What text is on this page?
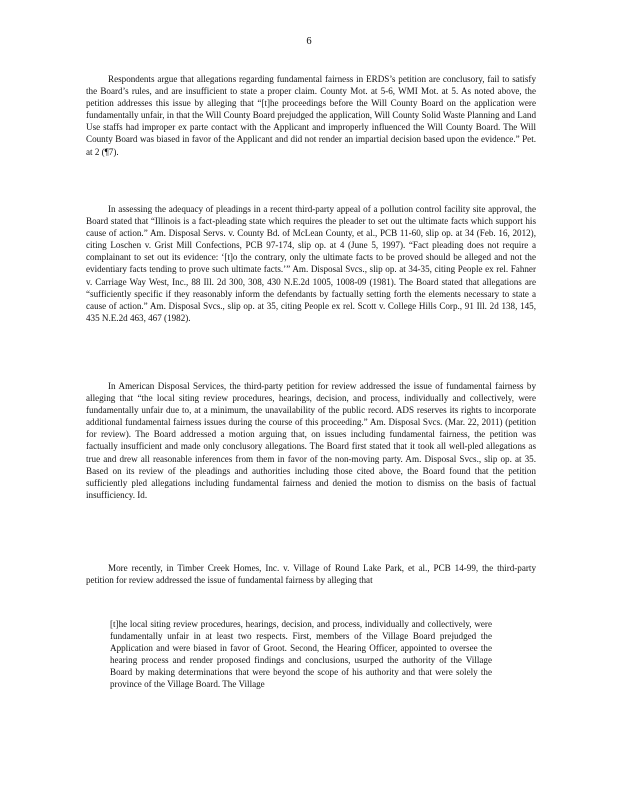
6

Respondents argue that allegations regarding fundamental fairness in ERDS’s petition are conclusory, fail to satisfy the Board’s rules, and are insufficient to state a proper claim. County Mot. at 5-6, WMI Mot. at 5. As noted above, the petition addresses this issue by alleging that “[t]he proceedings before the Will County Board on the application were fundamentally unfair, in that the Will County Board prejudged the application, Will County Solid Waste Planning and Land Use staffs had improper ex parte contact with the Applicant and improperly influenced the Will County Board. The Will County Board was biased in favor of the Applicant and did not render an impartial decision based upon the evidence.” Pet. at 2 (¶7).

In assessing the adequacy of pleadings in a recent third-party appeal of a pollution control facility site approval, the Board stated that “Illinois is a fact-pleading state which requires the pleader to set out the ultimate facts which support his cause of action.” Am. Disposal Servs. v. County Bd. of McLean County, et al., PCB 11-60, slip op. at 34 (Feb. 16, 2012), citing Loschen v. Grist Mill Confections, PCB 97-174, slip op. at 4 (June 5, 1997). “Fact pleading does not require a complainant to set out its evidence: ‘[t]o the contrary, only the ultimate facts to be proved should be alleged and not the evidentiary facts tending to prove such ultimate facts.’” Am. Disposal Svcs., slip op. at 34-35, citing People ex rel. Fahner v. Carriage Way West, Inc., 88 Ill. 2d 300, 308, 430 N.E.2d 1005, 1008-09 (1981). The Board stated that allegations are “sufficiently specific if they reasonably inform the defendants by factually setting forth the elements necessary to state a cause of action.” Am. Disposal Svcs., slip op. at 35, citing People ex rel. Scott v. College Hills Corp., 91 Ill. 2d 138, 145, 435 N.E.2d 463, 467 (1982).

In American Disposal Services, the third-party petition for review addressed the issue of fundamental fairness by alleging that “the local siting review procedures, hearings, decision, and process, individually and collectively, were fundamentally unfair due to, at a minimum, the unavailability of the public record. ADS reserves its rights to incorporate additional fundamental fairness issues during the course of this proceeding.” Am. Disposal Svcs. (Mar. 22, 2011) (petition for review). The Board addressed a motion arguing that, on issues including fundamental fairness, the petition was factually insufficient and made only conclusory allegations. The Board first stated that it took all well-pled allegations as true and drew all reasonable inferences from them in favor of the non-moving party. Am. Disposal Svcs., slip op. at 35. Based on its review of the pleadings and authorities including those cited above, the Board found that the petition sufficiently pled allegations including fundamental fairness and denied the motion to dismiss on the basis of factual insufficiency. Id.

More recently, in Timber Creek Homes, Inc. v. Village of Round Lake Park, et al., PCB 14-99, the third-party petition for review addressed the issue of fundamental fairness by alleging that

[t]he local siting review procedures, hearings, decision, and process, individually and collectively, were fundamentally unfair in at least two respects. First, members of the Village Board prejudged the Application and were biased in favor of Groot. Second, the Hearing Officer, appointed to oversee the hearing process and render proposed findings and conclusions, usurped the authority of the Village Board by making determinations that were beyond the scope of his authority and that were solely the province of the Village Board. The Village
